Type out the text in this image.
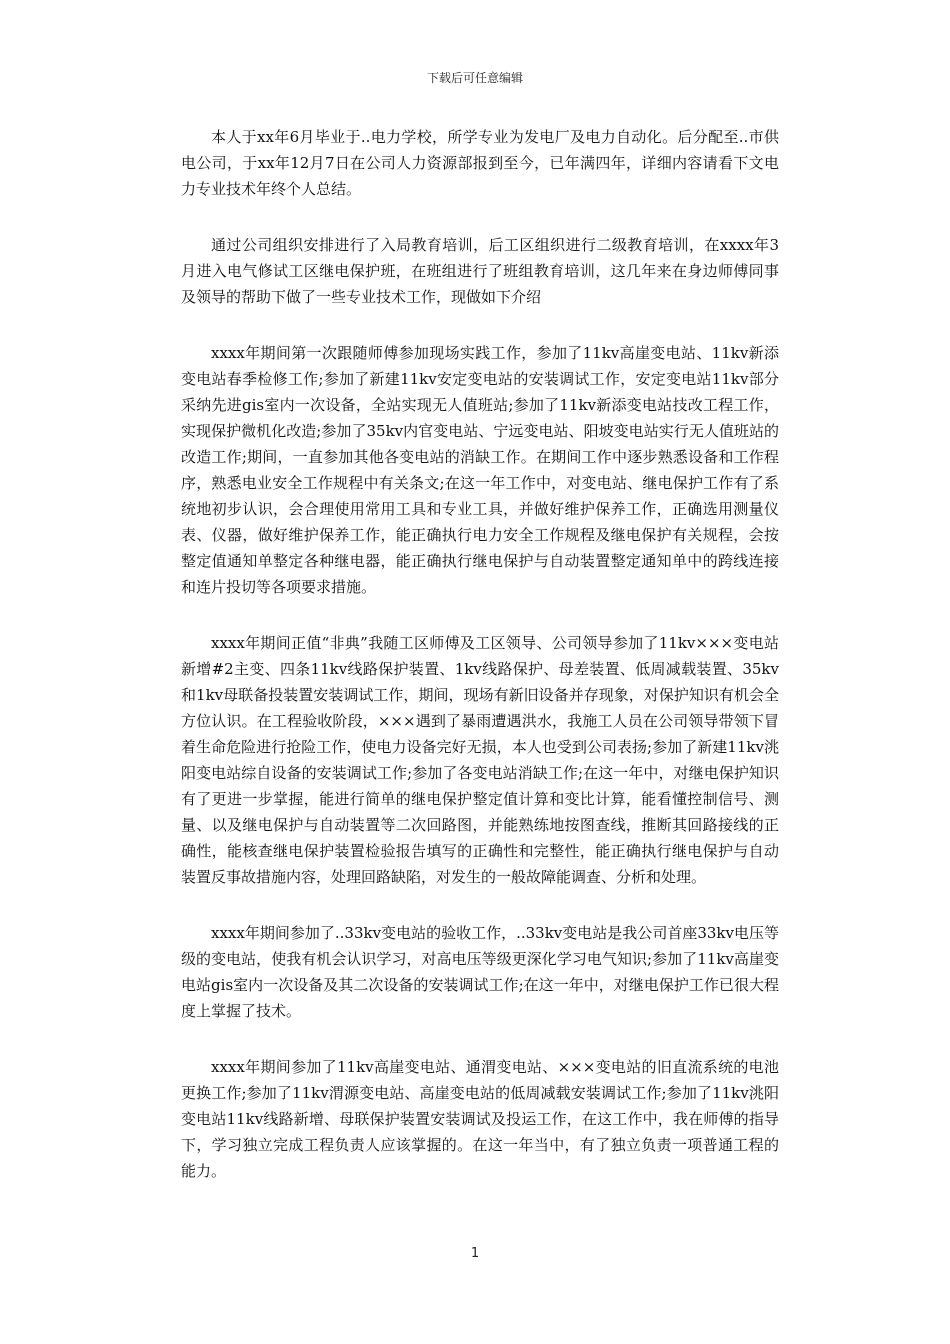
下载后可任意编辑

本人于xx年6月毕业于..电力学校，所学专业为发电厂及电力自动化。后分配至..市供电公司，于xx年12月7日在公司人力资源部报到至今，已年满四年，详细内容请看下文电力专业技术年终个人总结。

通过公司组织安排进行了入局教育培训，后工区组织进行二级教育培训，在xxxx年3月进入电气修试工区继电保护班，在班组进行了班组教育培训，这几年来在身边师傅同事及领导的帮助下做了一些专业技术工作，现做如下介绍

xxxx年期间第一次跟随师傅参加现场实践工作，参加了11kv高崖变电站、11kv新添变电站春季检修工作;参加了新建11kv安定变电站的安装调试工作，安定变电站11kv部分采纳先进gis室内一次设备，全站实现无人值班站;参加了11kv新添变电站技改工程工作，实现保护微机化改造;参加了35kv内官变电站、宁远变电站、阳坡变电站实行无人值班站的改造工作;期间，一直参加其他各变电站的消缺工作。在期间工作中逐步熟悉设备和工作程序，熟悉电业安全工作规程中有关条文;在这一年工作中，对变电站、继电保护工作有了系统地初步认识，会合理使用常用工具和专业工具，并做好维护保养工作，正确选用测量仪表、仪器，做好维护保养工作，能正确执行电力安全工作规程及继电保护有关规程，会按整定值通知单整定各种继电器，能正确执行继电保护与自动装置整定通知单中的跨线连接和连片投切等各项要求措施。

xxxx年期间正值“非典”我随工区师傅及工区领导、公司领导参加了11kv×××变电站新增#2主变、四条11kv线路保护装置、1kv线路保护、母差装置、低周减载装置、35kv和1kv母联备投装置安装调试工作，期间，现场有新旧设备并存现象，对保护知识有机会全方位认识。在工程验收阶段，×××遇到了暴雨遭遇洪水，我施工人员在公司领导带领下冒着生命危险进行抢险工作，使电力设备完好无损，本人也受到公司表扬;参加了新建11kv洮阳变电站综自设备的安装调试工作;参加了各变电站消缺工作;在这一年中，对继电保护知识有了更进一步掌握，能进行简单的继电保护整定值计算和变比计算，能看懂控制信号、测量、以及继电保护与自动装置等二次回路图，并能熟练地按图查线，推断其回路接线的正确性，能核查继电保护装置检验报告填写的正确性和完整性，能正确执行继电保护与自动装置反事故措施内容，处理回路缺陷，对发生的一般故障能调查、分析和处理。

xxxx年期间参加了..33kv变电站的验收工作，..33kv变电站是我公司首座33kv电压等级的变电站，使我有机会认识学习，对高电压等级更深化学习电气知识;参加了11kv高崖变电站gis室内一次设备及其二次设备的安装调试工作;在这一年中，对继电保护工作已很大程度上掌握了技术。

xxxx年期间参加了11kv高崖变电站、通渭变电站、×××变电站的旧直流系统的电池更换工作;参加了11kv渭源变电站、高崖变电站的低周减载安装调试工作;参加了11kv洮阳变电站11kv线路新增、母联保护装置安装调试及投运工作，在这工作中，我在师傅的指导下，学习独立完成工程负责人应该掌握的。在这一年当中，有了独立负责一项普通工程的能力。

1
